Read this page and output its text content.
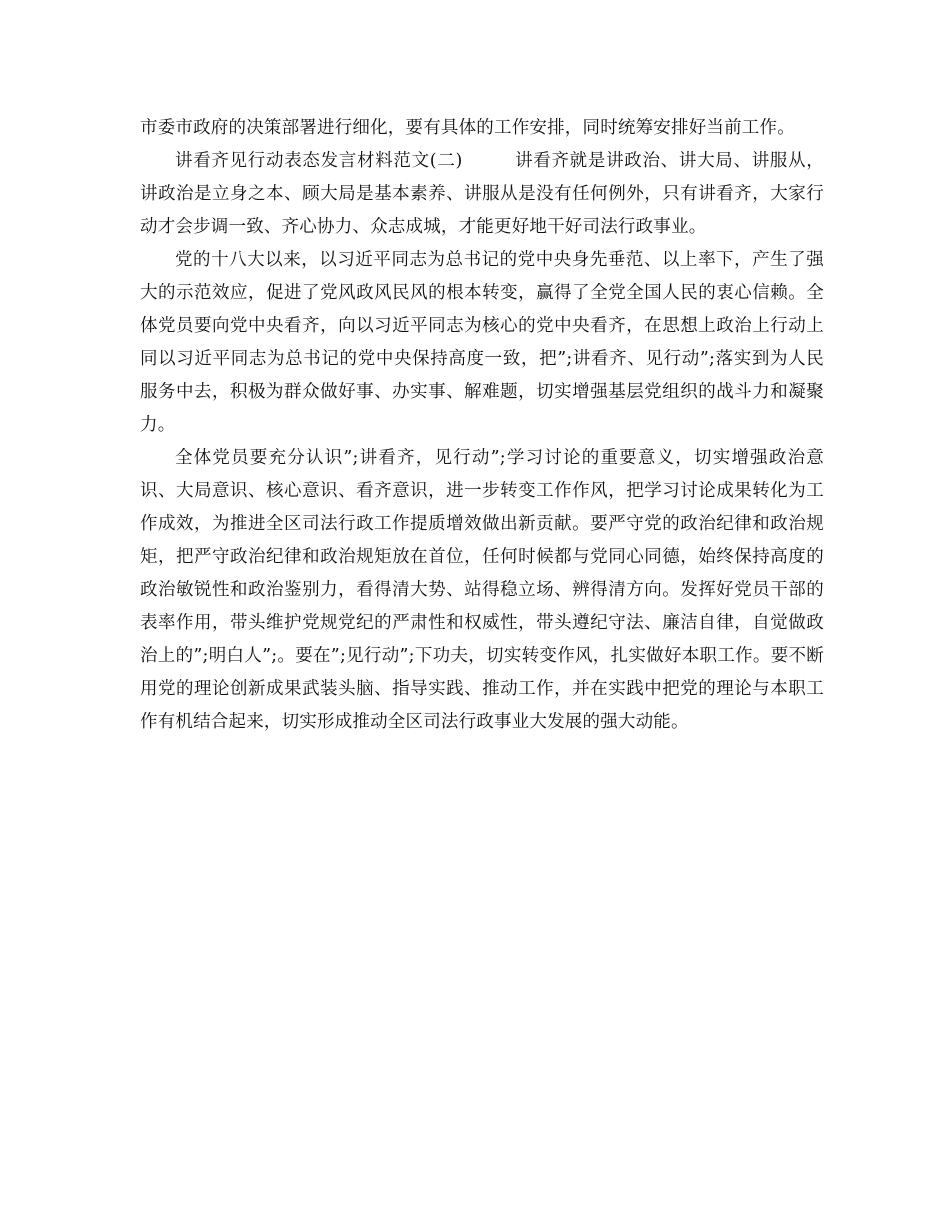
市委市政府的决策部署进行细化，要有具体的工作安排，同时统筹安排好当前工作。

讲看齐见行动表态发言材料范文(二)	讲看齐就是讲政治、讲大局、讲服从，讲政治是立身之本、顾大局是基本素养、讲服从是没有任何例外，只有讲看齐，大家行动才会步调一致、齐心协力、众志成城，才能更好地干好司法行政事业。

党的十八大以来，以习近平同志为总书记的党中央身先垂范、以上率下，产生了强大的示范效应，促进了党风政风民风的根本转变，赢得了全党全国人民的衷心信赖。全体党员要向党中央看齐，向以习近平同志为核心的党中央看齐，在思想上政治上行动上同以习近平同志为总书记的党中央保持高度一致，把”;讲看齐、见行动”;落实到为人民服务中去，积极为群众做好事、办实事、解难题，切实增强基层党组织的战斗力和凝聚力。

全体党员要充分认识”;讲看齐，见行动”;学习讨论的重要意义，切实增强政治意识、大局意识、核心意识、看齐意识，进一步转变工作作风，把学习讨论成果转化为工作成效，为推进全区司法行政工作提质增效做出新贡献。要严守党的政治纪律和政治规矩，把严守政治纪律和政治规矩放在首位，任何时候都与党同心同德，始终保持高度的政治敏锐性和政治鉴别力，看得清大势、站得稳立场、辨得清方向。发挥好党员干部的表率作用，带头维护党规党纪的严肃性和权威性，带头遵纪守法、廉洁自律，自觉做政治上的”;明白人”;。要在”;见行动”;下功夫，切实转变作风，扎实做好本职工作。要不断用党的理论创新成果武装头脑、指导实践、推动工作，并在实践中把党的理论与本职工作有机结合起来，切实形成推动全区司法行政事业大发展的强大动能。
